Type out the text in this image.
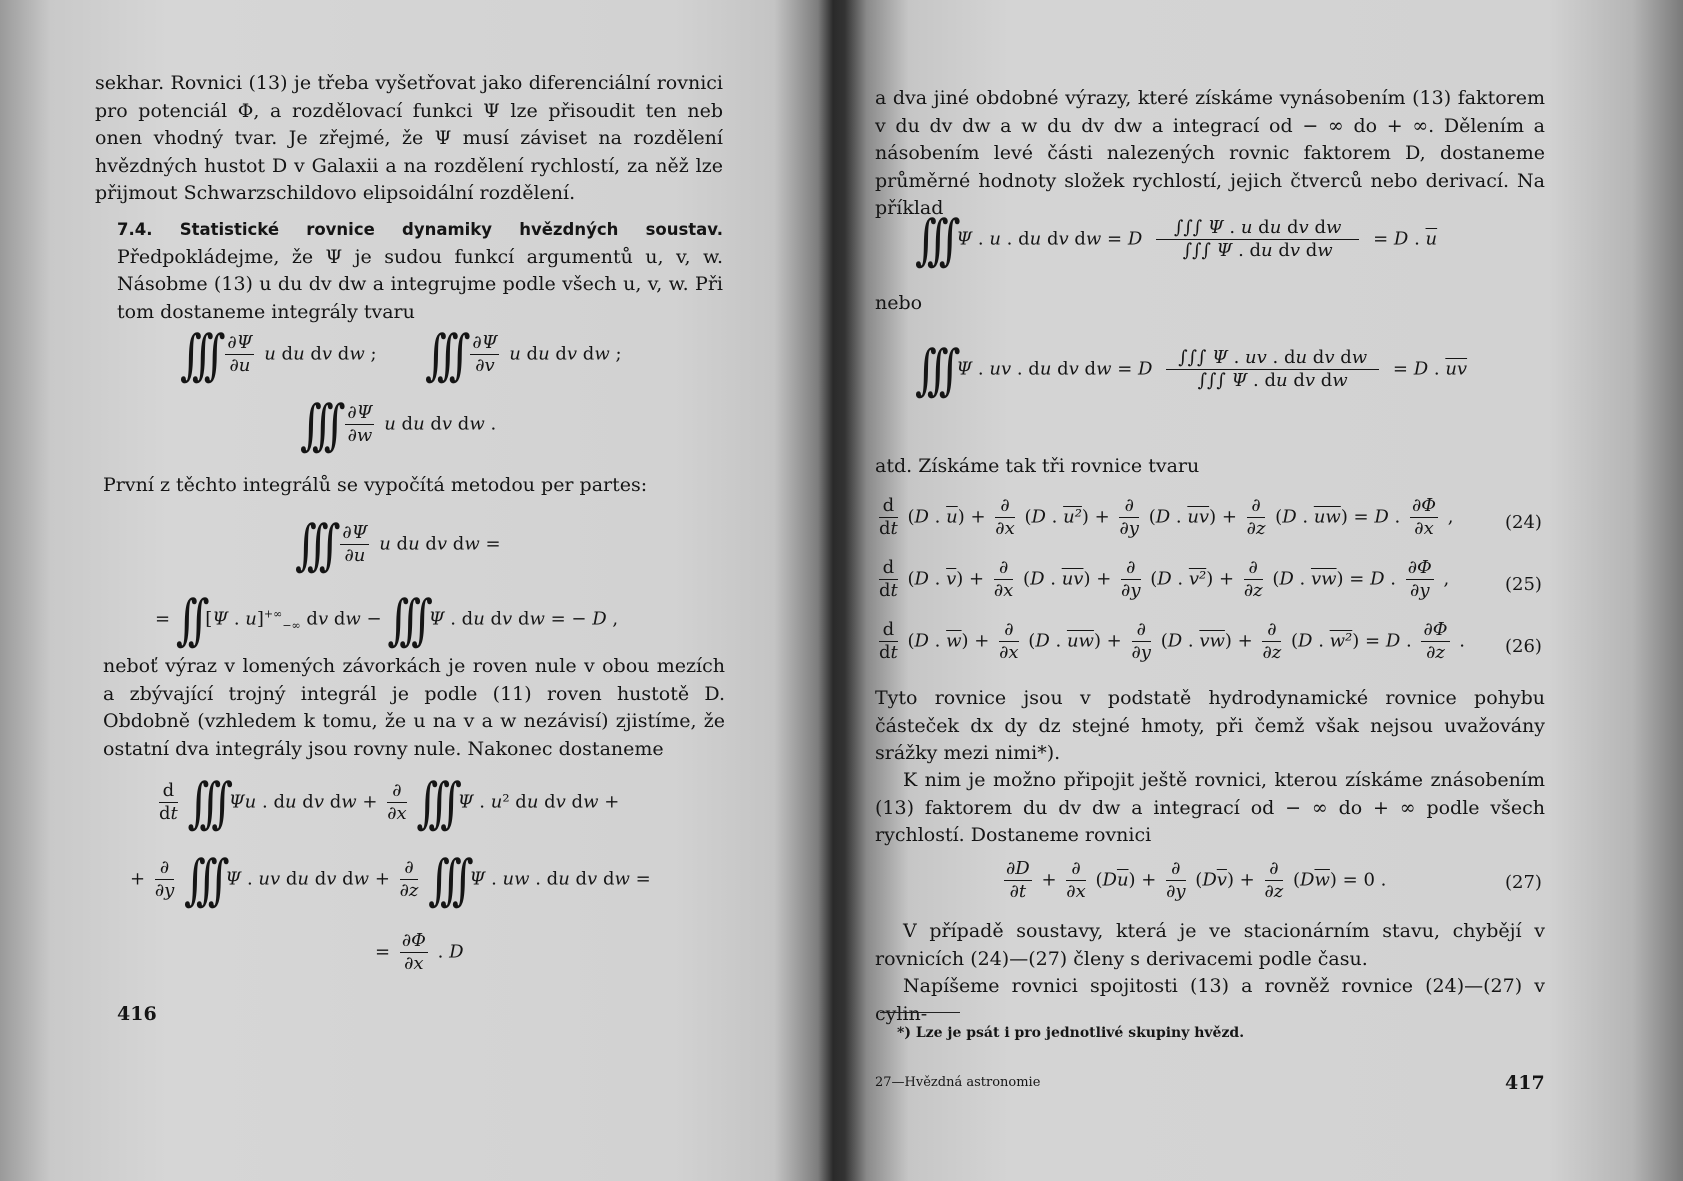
sekhar. Rovnici (13) je třeba vyšetřovat jako diferenciální rovnici pro potenciál Φ, a rozdělovací funkci Ψ lze přisoudit ten neb onen vhodný tvar. Je zřejmé, že Ψ musí záviset na rozdělení hvězdných hustot D v Galaxii a na rozdělení rychlostí, za něž lze přijmout Schwarzschildovo elipsoidální rozdělení.

7.4. Statistické rovnice dynamiky hvězdných soustav. Předpokládejme, že Ψ je sudou funkcí argumentů u, v, w. Násobme (13) u du dv dw a integrujme podle všech u, v, w. Při tom dostaneme integrály tvaru

∫∫∫ $\frac{\partial\Psi}{\partial u}$ u du dv dw ; ∫∫∫ $\frac{\partial\Psi}{\partial v}$ u du dv dw ;
∫∫∫ $\frac{\partial\Psi}{\partial w}$ u du dv dw .

První z těchto integrálů se vypočítá metodou per partes:

∫∫∫ $\frac{\partial\Psi}{\partial u}$ u du dv dw =
= ∫∫ [Ψ . $u]^{+\infty}_{-\infty}$ dv dw − ∫∫∫ Ψ . du dv dw = − D ,

neboť výraz v lomených závorkách je roven nule v obou mezích a zbývající trojný integrál je podle (11) roven hustotě D. Obdobně (vzhledem k tomu, že u na v a w nezávisí) zjistíme, že ostatní dva integrály jsou rovny nule. Nakonec dostaneme

$\frac{d}{dt}$ ∫∫∫ Ψu . du dv dw + $\frac{\partial}{\partial x}$ ∫∫∫ Ψ . u² du dv dw +
+ $\frac{\partial}{\partial y}$ ∫∫∫ Ψ . uv du dv dw + $\frac{\partial}{\partial z}$ ∫∫∫ Ψ . uw . du dv dw =
= $\frac{\partial\Phi}{\partial x}$ . D
416

a dva jiné obdobné výrazy, které získáme vynásobením (13) faktorem v du dv dw a w du dv dw a integrací od − ∞ do + ∞. Dělením a násobením levé části nalezených rovnic faktorem D, dostaneme průměrné hodnoty složek rychlostí, jejich čtverců nebo derivací. Na příklad

∫∫∫ Ψ . u . du dv dw = D $\frac{\text{∫∫∫ Ψ . u du dv dw}}{\text{∫∫∫ Ψ . du dv dw}} = D$ . $\overline{u}$

nebo

∫∫∫ Ψ . uv . du dv dw = D $\frac{\text{∫∫∫ Ψ . uv . du dv dw}}{\text{∫∫∫ Ψ . du dv dw}} = D$ . $\overline{uv}$

atd. Získáme tak tři rovnice tvaru

$\frac{d}{dt} (D$ . $\overline{u}) + \frac{\partial}{\partial x} (D$ . $u^2) + \frac{\partial}{\partial y} (D$ . $\overline{uv}) + \frac{\partial}{\partial z} (D$ . $\overline{uw}) = D$ . $\frac{\partial\Phi}{\partial x}$ ,	(24)
$\frac{d}{dt} (D$ . $\overline{v}) + \frac{\partial}{\partial x} (D$ . $\overline{uv}) + \frac{\partial}{\partial y} (D$ . $v^2) + \frac{\partial}{\partial z} (D$ . $\overline{vw}) = D$ . $\frac{\partial\Phi}{\partial y}$ ,	(25)
$\frac{d}{dt} (D$ . $\overline{w}) + \frac{\partial}{\partial x} (D$ . $\overline{uw}) + \frac{\partial}{\partial y} (D$ . $\overline{vw}) + \frac{\partial}{\partial z} (D$ . w²) = D . $\frac{\partial\Phi}{\partial z}$ . (26)

Tyto rovnice jsou v podstatě hydrodynamické rovnice pohybu částeček dx dy dz stejné hmoty, při čemž však nejsou uvažovány srážky mezi nimi*).

K nim je možno připojit ještě rovnici, kterou získáme znásobením (13) faktorem du dv dw a integrací od − ∞ do + ∞ podle všech rychlostí. Dostaneme rovnici

$\frac{\partial D}{\partial t} + \frac{\partial}{\partial x} (D\overline{u}) + \frac{\partial}{\partial y} (D\overline{v}) + \frac{\partial}{\partial z} (D\overline{w}) = 0$ .	(27)

V případě soustavy, která je ve stacionárním stavu, chybějí v rovnicích (24)—(27) členy s derivacemi podle času.

Napíšeme rovnici spojitosti (13) a rovněž rovnice (24)—(27) v cylin-

*) Lze je psát i pro jednotlivé skupiny hvězd.
27—Hvězdná astronomie	417
